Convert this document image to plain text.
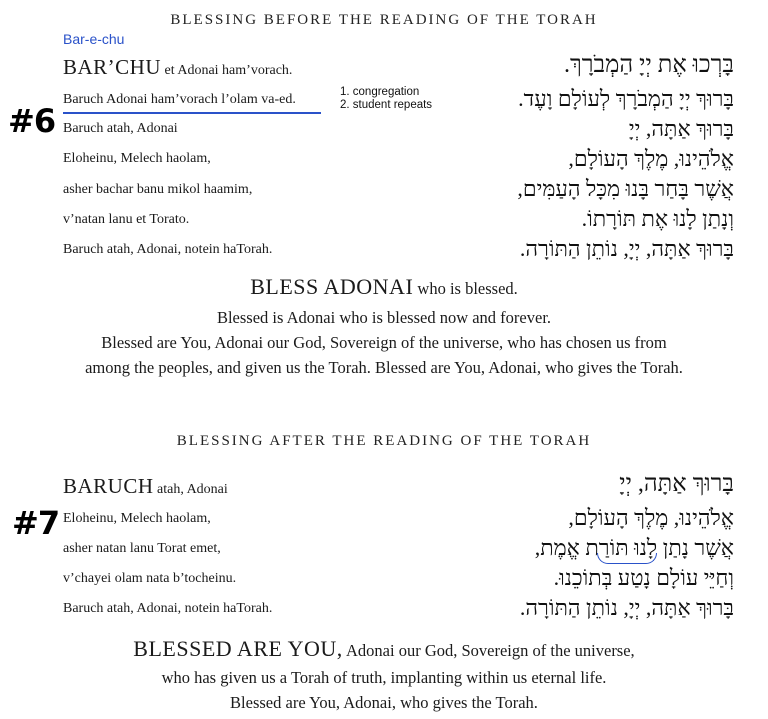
BLESSING BEFORE THE READING OF THE TORAH
Bar-e-chu
#6
BAR’CHU et Adonai ham’vorach.
Baruch Adonai ham’vorach l’olam va-ed.
Baruch atah, Adonai
Eloheinu, Melech haolam,
asher bachar banu mikol haamim,
v’natan lanu et Torato.
Baruch atah, Adonai, notein haTorah.
1. congregation
2. student repeats
בָּרְכוּ אֶת יְיָ הַמְבֹרָךְ.
בָּרוּךְ יְיָ הַמְבֹרָךְ לְעוֹלָם וָעֶד.
בָּרוּךְ אַתָּה, יְיָ
אֱלֹהֵינוּ, מֶלֶךְ הָעוֹלָם,
אֲשֶׁר בָּחַר בָּנוּ מִכָּל הָעַמִּים,
וְנָתַן לָנוּ אֶת תּוֹרָתוֹ.
בָּרוּךְ אַתָּה, יְיָ, נוֹתֵן הַתּוֹרָה.
BLESS ADONAI who is blessed.
Blessed is Adonai who is blessed now and forever.
Blessed are You, Adonai our God, Sovereign of the universe, who has chosen us from
among the peoples, and given us the Torah. Blessed are You, Adonai, who gives the Torah.
BLESSING AFTER THE READING OF THE TORAH
#7
BARUCH atah, Adonai
Eloheinu, Melech haolam,
asher natan lanu Torat emet,
v’chayei olam nata b’tocheinu.
Baruch atah, Adonai, notein haTorah.
בָּרוּךְ אַתָּה, יְיָ
אֱלֹהֵינוּ, מֶלֶךְ הָעוֹלָם,
אֲשֶׁר נָתַן לָנוּ תּוֹרַת אֱמֶת,
וְחַיֵּי עוֹלָם נָטַע בְּתוֹכֵנוּ.
בָּרוּךְ אַתָּה, יְיָ, נוֹתֵן הַתּוֹרָה.
BLESSED ARE YOU, Adonai our God, Sovereign of the universe,
who has given us a Torah of truth, implanting within us eternal life.
Blessed are You, Adonai, who gives the Torah.
